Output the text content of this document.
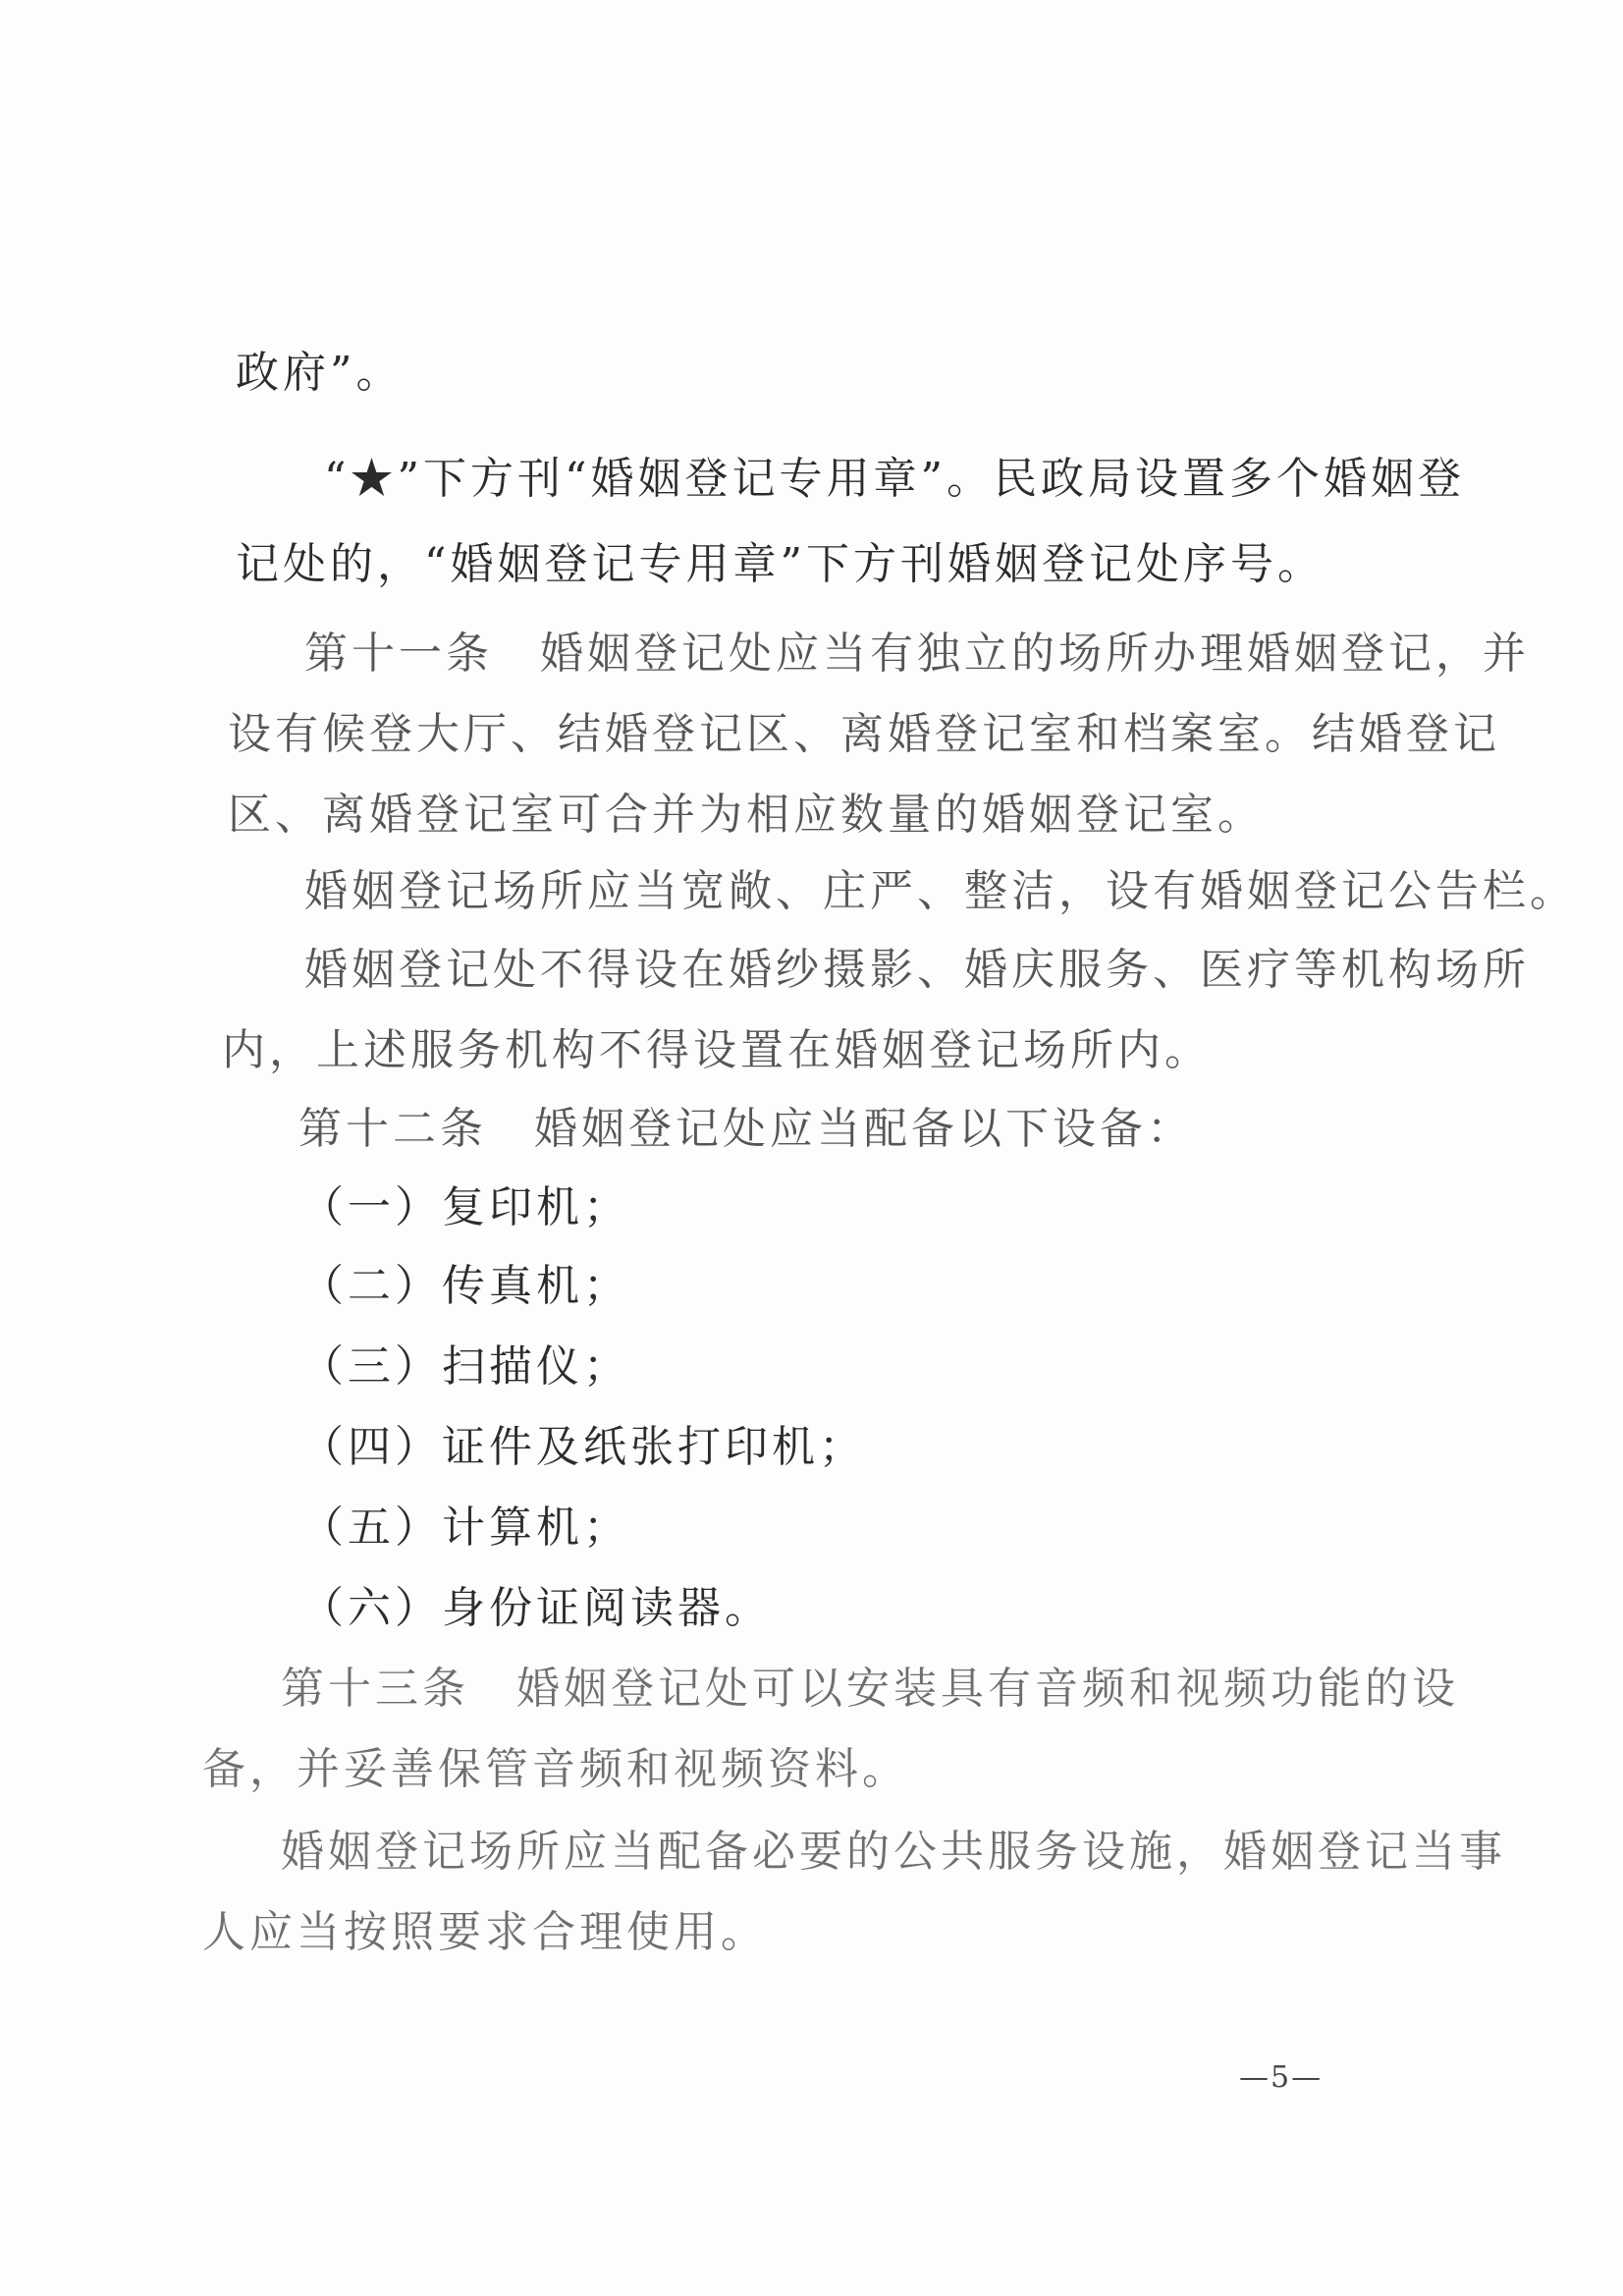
政府”。
“★”下方刊“婚姻登记专用章”。民政局设置多个婚姻登
记处的，“婚姻登记专用章”下方刊婚姻登记处序号。
第十一条　婚姻登记处应当有独立的场所办理婚姻登记，并
设有候登大厅、结婚登记区、离婚登记室和档案室。结婚登记
区、离婚登记室可合并为相应数量的婚姻登记室。
婚姻登记场所应当宽敞、庄严、整洁，设有婚姻登记公告栏。
婚姻登记处不得设在婚纱摄影、婚庆服务、医疗等机构场所
内，上述服务机构不得设置在婚姻登记场所内。
第十二条　婚姻登记处应当配备以下设备：
（一）复印机；
（二）传真机；
（三）扫描仪；
（四）证件及纸张打印机；
（五）计算机；
（六）身份证阅读器。
第十三条　婚姻登记处可以安装具有音频和视频功能的设
备，并妥善保管音频和视频资料。
婚姻登记场所应当配备必要的公共服务设施，婚姻登记当事
人应当按照要求合理使用。
—5—
